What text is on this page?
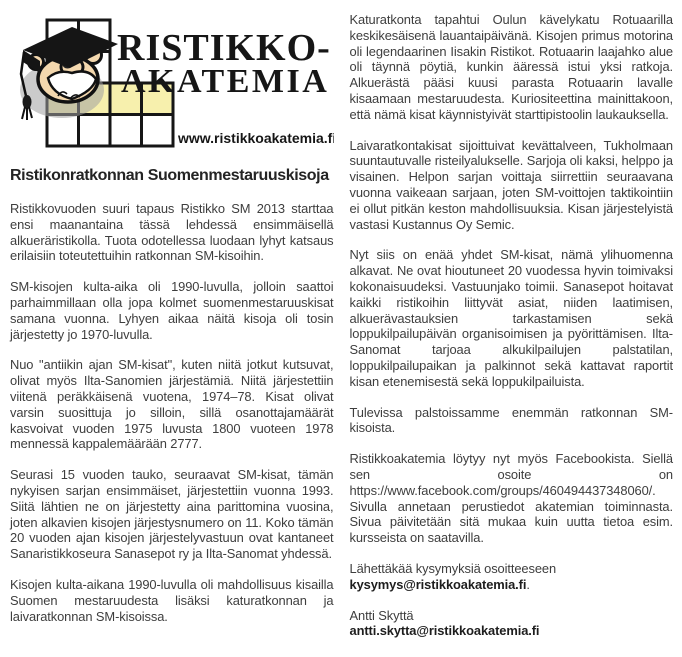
RISTIKKO-
AKATEMIA
www.ristikkoakatemia.fi
Ristikonratkonnan Suomenmestaruuskisoja

Ristikkovuoden suuri tapaus Ristikko SM 2013 starttaa ensi maanantaina tässä lehdessä ensimmäisellä alkueräristikolla. Tuota odotellessa luodaan lyhyt katsaus erilaisiin toteutettuihin ratkonnan SM-kisoihin.

SM-kisojen kulta-aika oli 1990-luvulla, jolloin saattoi parhaimmillaan olla jopa kolmet suomenmestaruuskisat samana vuonna. Lyhyen aikaa näitä kisoja oli tosin järjestetty jo 1970-luvulla.

Nuo "antiikin ajan SM-kisat", kuten niitä jotkut kutsuvat, olivat myös Ilta-Sanomien järjestämiä. Niitä järjestettiin viitenä peräkkäisenä vuotena, 1974–78. Kisat olivat varsin suosittuja jo silloin, sillä osanottajamäärät kasvoivat vuoden 1975 luvusta 1800 vuoteen 1978 mennessä kappalemäärään 2777.

Seurasi 15 vuoden tauko, seuraavat SM-kisat, tämän nykyisen sarjan ensimmäiset, järjestettiin vuonna 1993. Siitä lähtien ne on järjestetty aina parittomina vuosina, joten alkavien kisojen järjestysnumero on 11. Koko tämän 20 vuoden ajan kisojen järjestelyvastuun ovat kantaneet Sanaristikkoseura Sanasepot ry ja Ilta-Sanomat yhdessä.

Kisojen kulta-aikana 1990-luvulla oli mahdollisuus kisailla Suomen mestaruudesta lisäksi katuratkonnan ja laivaratkonnan SM-kisoissa.

Katuratkonta tapahtui Oulun kävelykatu Rotuaarilla keskikesäisenä lauantaipäivänä. Kisojen primus motorina oli legendaarinen Iisakin Ristikot. Rotuaarin laajahko alue oli täynnä pöytiä, kunkin ääressä istui yksi ratkoja. Alkuerästä pääsi kuusi parasta Rotuaarin lavalle kisaamaan mestaruudesta. Kuriositeettina mainittakoon, että nämä kisat käynnistyivät starttipistoolin laukauksella.

Laivaratkontakisat sijoittuivat kevättalveen, Tukholmaan suuntautuvalle risteilyalukselle. Sarjoja oli kaksi, helppo ja visainen. Helpon sarjan voittaja siirrettiin seuraavana vuonna vaikeaan sarjaan, joten SM-voittojen taktikointiin ei ollut pitkän keston mahdollisuuksia. Kisan järjestelyistä vastasi Kustannus Oy Semic.

Nyt siis on enää yhdet SM-kisat, nämä ylihuomenna alkavat. Ne ovat hioutuneet 20 vuodessa hyvin toimivaksi kokonaisuudeksi. Vastuunjako toimii. Sanasepot hoitavat kaikki ristikoihin liittyvät asiat, niiden laatimisen, alkuerävastauksien tarkastamisen sekä loppukilpailupäivän organisoimisen ja pyörittämisen. Ilta-Sanomat tarjoaa alkukilpailujen palstatilan, loppukilpailupaikan ja palkinnot sekä kattavat raportit kisan etenemisestä sekä loppukilpailuista.

Tulevissa palstoissamme enemmän ratkonnan SM-kisoista.

Ristikkoakatemia löytyy nyt myös Facebookista. Siellä sen osoite on https://www.facebook.com/groups/460494437348060/. Sivulla annetaan perustiedot akatemian toiminnasta. Sivua päivitetään sitä mukaa kuin uutta tietoa esim. kursseista on saatavilla.

Lähettäkää kysymyksiä osoitteeseen
kysymys@ristikkoakatemia.fi.

Antti Skyttä
antti.skytta@ristikkoakatemia.fi
